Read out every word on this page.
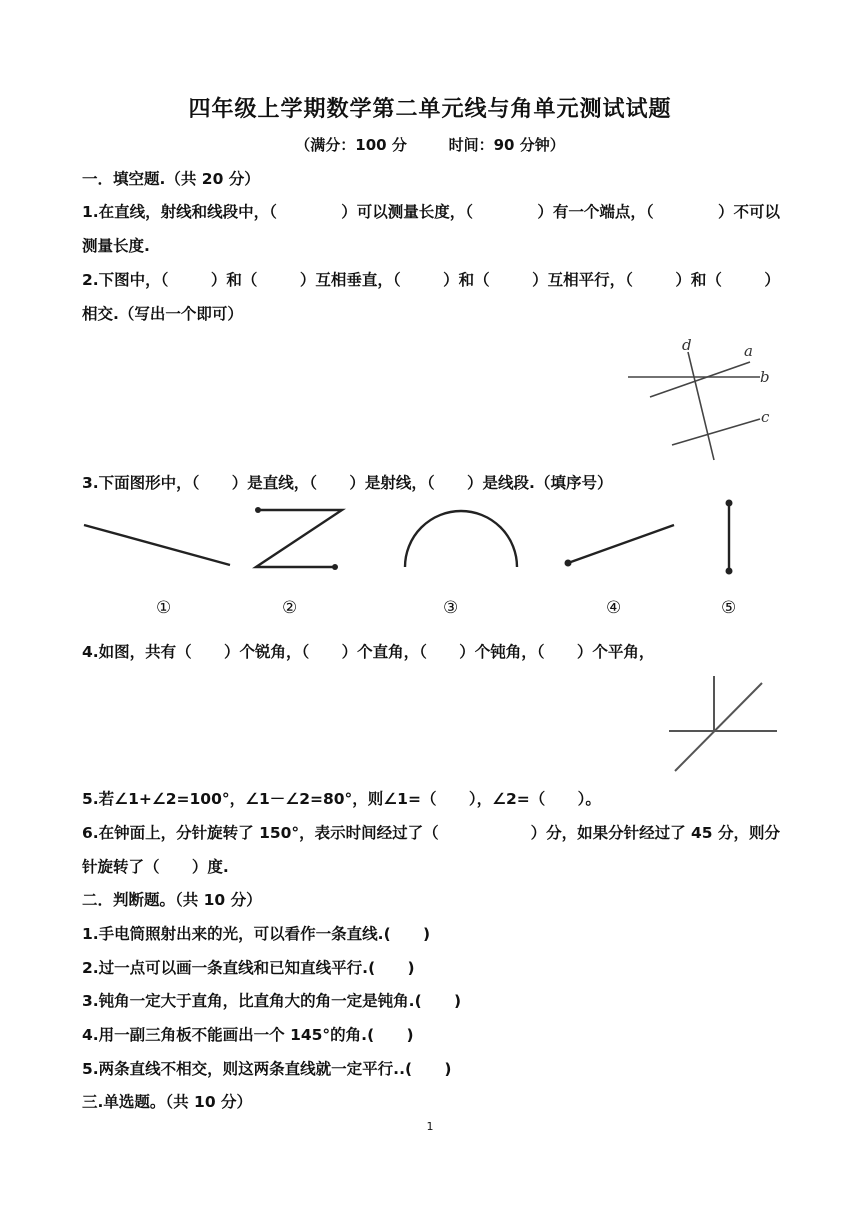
四年级上学期数学第二单元线与角单元测试试题
（满分：100 分        时间：90 分钟）
一．填空题.（共 20 分）
1.在直线，射线和线段中，（	）可以测量长度，（	）有一个端点，（	）不可以
测量长度.
2.下图中，（	）和（	）互相垂直，（	）和（	）互相平行，（	）和（	）
相交.（写出一个即可）
d	a
b
c
3.下面图形中，（      ）是直线，（      ）是射线，（      ）是线段.（填序号）
①	②	③	④	⑤
4.如图，共有（      ）个锐角，（      ）个直角，（      ）个钝角，（      ）个平角，
5.若∠1+∠2=100°，∠1－∠2=80°，则∠1=（      ），∠2=（      ）。
6.在钟面上，分针旋转了 150°，表示时间经过了（	）分，如果分针经过了 45 分，则分
针旋转了（      ）度.
二．判断题。（共 10 分）
1.手电筒照射出来的光，可以看作一条直线.(      )
2.过一点可以画一条直线和已知直线平行.(      )
3.钝角一定大于直角，比直角大的角一定是钝角.(      )
4.用一副三角板不能画出一个 145°的角.(      )
5.两条直线不相交，则这两条直线就一定平行..(      )
三.单选题。（共 10 分）
1
